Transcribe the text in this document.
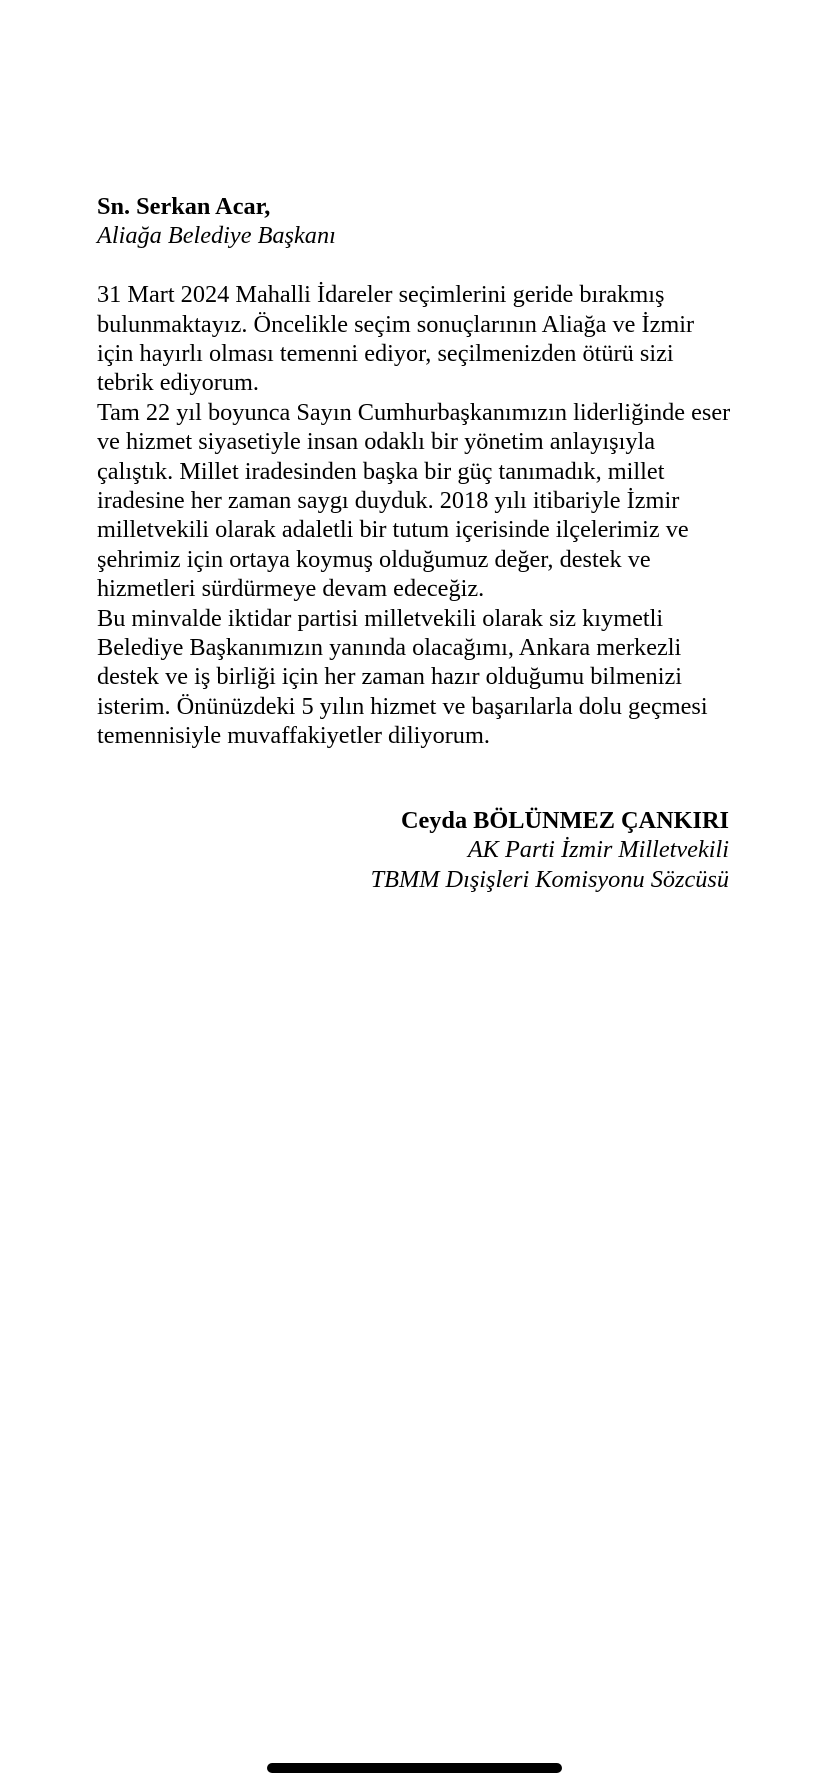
Sn. Serkan Acar,
Aliağa Belediye Başkanı

31 Mart 2024 Mahalli İdareler seçimlerini geride bırakmış bulunmaktayız. Öncelikle seçim sonuçlarının Aliağa ve İzmir için hayırlı olması temenni ediyor, seçilmenizden ötürü sizi tebrik ediyorum.

Tam 22 yıl boyunca Sayın Cumhurbaşkanımızın liderliğinde eser ve hizmet siyasetiyle insan odaklı bir yönetim anlayışıyla çalıştık. Millet iradesinden başka bir güç tanımadık, millet iradesine her zaman saygı duyduk. 2018 yılı itibariyle İzmir milletvekili olarak adaletli bir tutum içerisinde ilçelerimiz ve şehrimiz için ortaya koymuş olduğumuz değer, destek ve hizmetleri sürdürmeye devam edeceğiz.

Bu minvalde iktidar partisi milletvekili olarak siz kıymetli Belediye Başkanımızın yanında olacağımı, Ankara merkezli destek ve iş birliği için her zaman hazır olduğumu bilmenizi isterim. Önünüzdeki 5 yılın hizmet ve başarılarla dolu geçmesi temennisiyle muvaffakiyetler diliyorum.

Ceyda BÖLÜNMEZ ÇANKIRI
AK Parti İzmir Milletvekili
TBMM Dışişleri Komisyonu Sözcüsü
